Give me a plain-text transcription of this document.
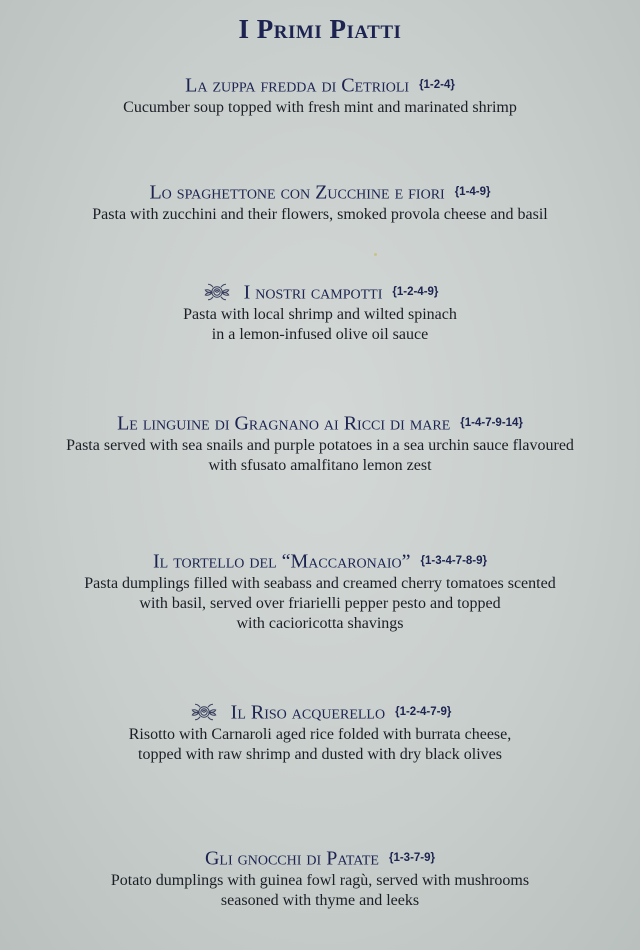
I Primi Piatti
La zuppa fredda di Cetrioli {1-2-4}
Cucumber soup topped with fresh mint and marinated shrimp
Lo spaghettone con Zucchine e fiori {1-4-9}
Pasta with zucchini and their flowers, smoked provola cheese and basil
I nostri campotti {1-2-4-9}
Pasta with local shrimp and wilted spinach
in a lemon-infused olive oil sauce
Le linguine di Gragnano ai Ricci di mare {1-4-7-9-14}
Pasta served with sea snails and purple potatoes in a sea urchin sauce flavoured
with sfusato amalfitano lemon zest
Il tortello del “Maccaronaio” {1-3-4-7-8-9}
Pasta dumplings filled with seabass and creamed cherry tomatoes scented
with basil, served over friarielli pepper pesto and topped
with cacioricotta shavings
Il Riso acquerello {1-2-4-7-9}
Risotto with Carnaroli aged rice folded with burrata cheese,
topped with raw shrimp and dusted with dry black olives
Gli gnocchi di Patate {1-3-7-9}
Potato dumplings with guinea fowl ragù, served with mushrooms
seasoned with thyme and leeks
